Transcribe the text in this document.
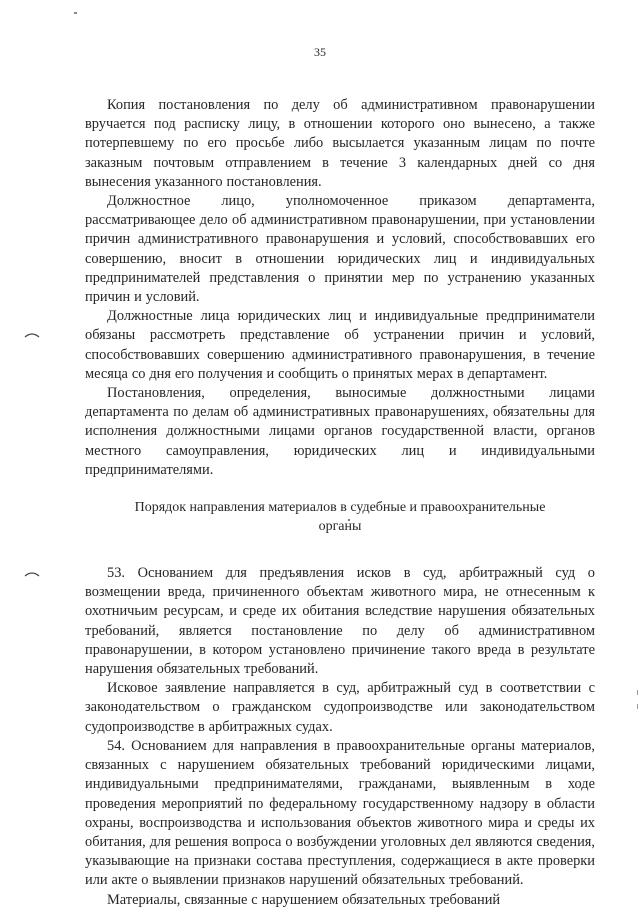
35

Копия постановления по делу об административном правонарушении вручается под расписку лицу, в отношении которого оно вынесено, а также потерпевшему по его просьбе либо высылается указанным лицам по почте заказным почтовым отправлением в течение 3 календарных дней со дня вынесения указанного постановления.

Должностное лицо, уполномоченное приказом департамента, рассматривающее дело об административном правонарушении, при установлении причин административного правонарушения и условий, способствовавших его совершению, вносит в отношении юридических лиц и индивидуальных предпринимателей представления о принятии мер по устранению указанных причин и условий.

Должностные лица юридических лиц и индивидуальные предприниматели обязаны рассмотреть представление об устранении причин и условий, способствовавших совершению административного правонарушения, в течение месяца со дня его получения и сообщить о принятых мерах в департамент.

Постановления, определения, выносимые должностными лицами департамента по делам об административных правонарушениях, обязательны для исполнения должностными лицами органов государственной власти, органов местного самоуправления, юридических лиц и индивидуальными предпринимателями.

Порядок направления материалов в судебные и правоохранительные
органы

53. Основанием для предъявления исков в суд, арбитражный суд о возмещении вреда, причиненного объектам животного мира, не отнесенным к охотничьим ресурсам, и среде их обитания вследствие нарушения обязательных требований, является постановление по делу об административном правонарушении, в котором установлено причинение такого вреда в результате нарушения обязательных требований.

Исковое заявление направляется в суд, арбитражный суд в соответствии с законодательством о гражданском судопроизводстве или законодательством судопроизводстве в арбитражных судах.

54. Основанием для направления в правоохранительные органы материалов, связанных с нарушением обязательных требований юридическими лицами, индивидуальными предпринимателями, гражданами, выявленным в ходе проведения мероприятий по федеральному государственному надзору в области охраны, воспроизводства и использования объектов животного мира и среды их обитания, для решения вопроса о возбуждении уголовных дел являются сведения, указывающие на признаки состава преступления, содержащиеся в акте проверки или акте о выявлении признаков нарушений обязательных требований.

Материалы, связанные с нарушением обязательных требований
